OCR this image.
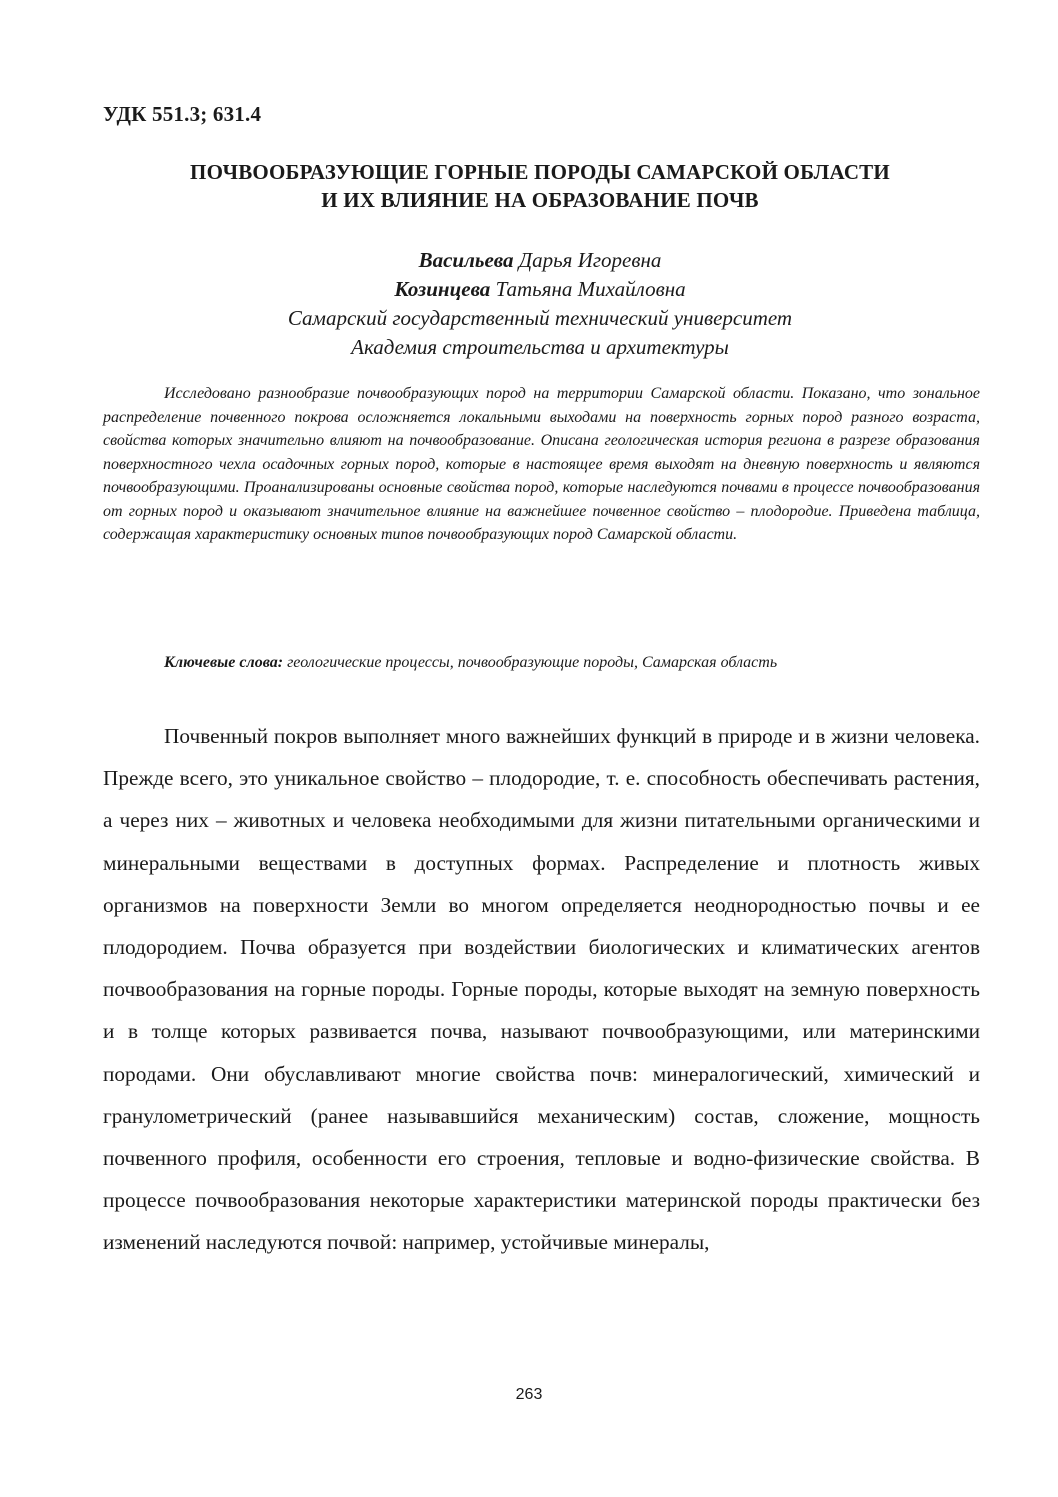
УДК 551.3; 631.4
ПОЧВООБРАЗУЮЩИЕ ГОРНЫЕ ПОРОДЫ САМАРСКОЙ ОБЛАСТИ
И ИХ ВЛИЯНИЕ НА ОБРАЗОВАНИЕ ПОЧВ
Васильева Дарья Игоревна
Козинцева Татьяна Михайловна
Самарский государственный технический университет
Академия строительства и архитектуры
Исследовано разнообразие почвообразующих пород на территории Самарской области. Показано, что зональное распределение почвенного покрова осложняется локальными выходами на поверхность горных пород разного возраста, свойства которых значительно влияют на почвообразование. Описана геологическая история региона в разрезе образования поверхностного чехла осадочных горных пород, которые в настоящее время выходят на дневную поверхность и являются почвообразующими. Проанализированы основные свойства пород, которые наследуются почвами в процессе почвообразования от горных пород и оказывают значительное влияние на важнейшее почвенное свойство – плодородие. Приведена таблица, содержащая характеристику основных типов почвообразующих пород Самарской области.
Ключевые слова: геологические процессы, почвообразующие породы, Самарская область
Почвенный покров выполняет много важнейших функций в природе и в жизни человека. Прежде всего, это уникальное свойство – плодородие, т. е. способность обеспечивать растения, а через них – животных и человека необходимыми для жизни питательными органическими и минеральными веществами в доступных формах. Распределение и плотность живых организмов на поверхности Земли во многом определяется неоднородностью почвы и ее плодородием. Почва образуется при воздействии биологических и климатических агентов почвообразования на горные породы. Горные породы, которые выходят на земную поверхность и в толще которых развивается почва, называют почвообразующими, или материнскими породами. Они обуславливают многие свойства почв: минералогический, химический и гранулометрический (ранее называвшийся механическим) состав, сложение, мощность почвенного профиля, особенности его строения, тепловые и водно-физические свойства. В процессе почвообразования некоторые характеристики материнской породы практически без изменений наследуются почвой: например, устойчивые минералы,
263
